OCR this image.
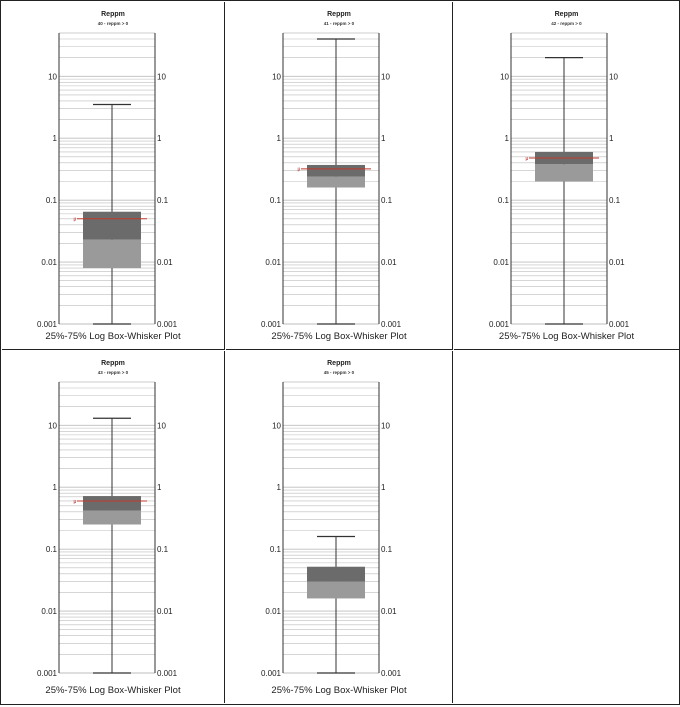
0.001	0.001
0.01	0.01
0.1	0.1
1	1
10	10
μ
Reppm
40 - reppm > 0
25%-75% Log Box-Whisker Plot
0.001	0.001
0.01	0.01
0.1	0.1
1	1
10	10
μ
Reppm
41 - reppm > 0
25%-75% Log Box-Whisker Plot
0.001	0.001
0.01	0.01
0.1	0.1
1	1
10	10
μ
Reppm
42 - reppm > 0
25%-75% Log Box-Whisker Plot
0.001	0.001
0.01	0.01
0.1	0.1
1	1
10	10
μ
Reppm
43 - reppm > 0
25%-75% Log Box-Whisker Plot
0.001	0.001
0.01	0.01
0.1	0.1
1	1
10	10
Reppm
45 - reppm > 0
25%-75% Log Box-Whisker Plot
